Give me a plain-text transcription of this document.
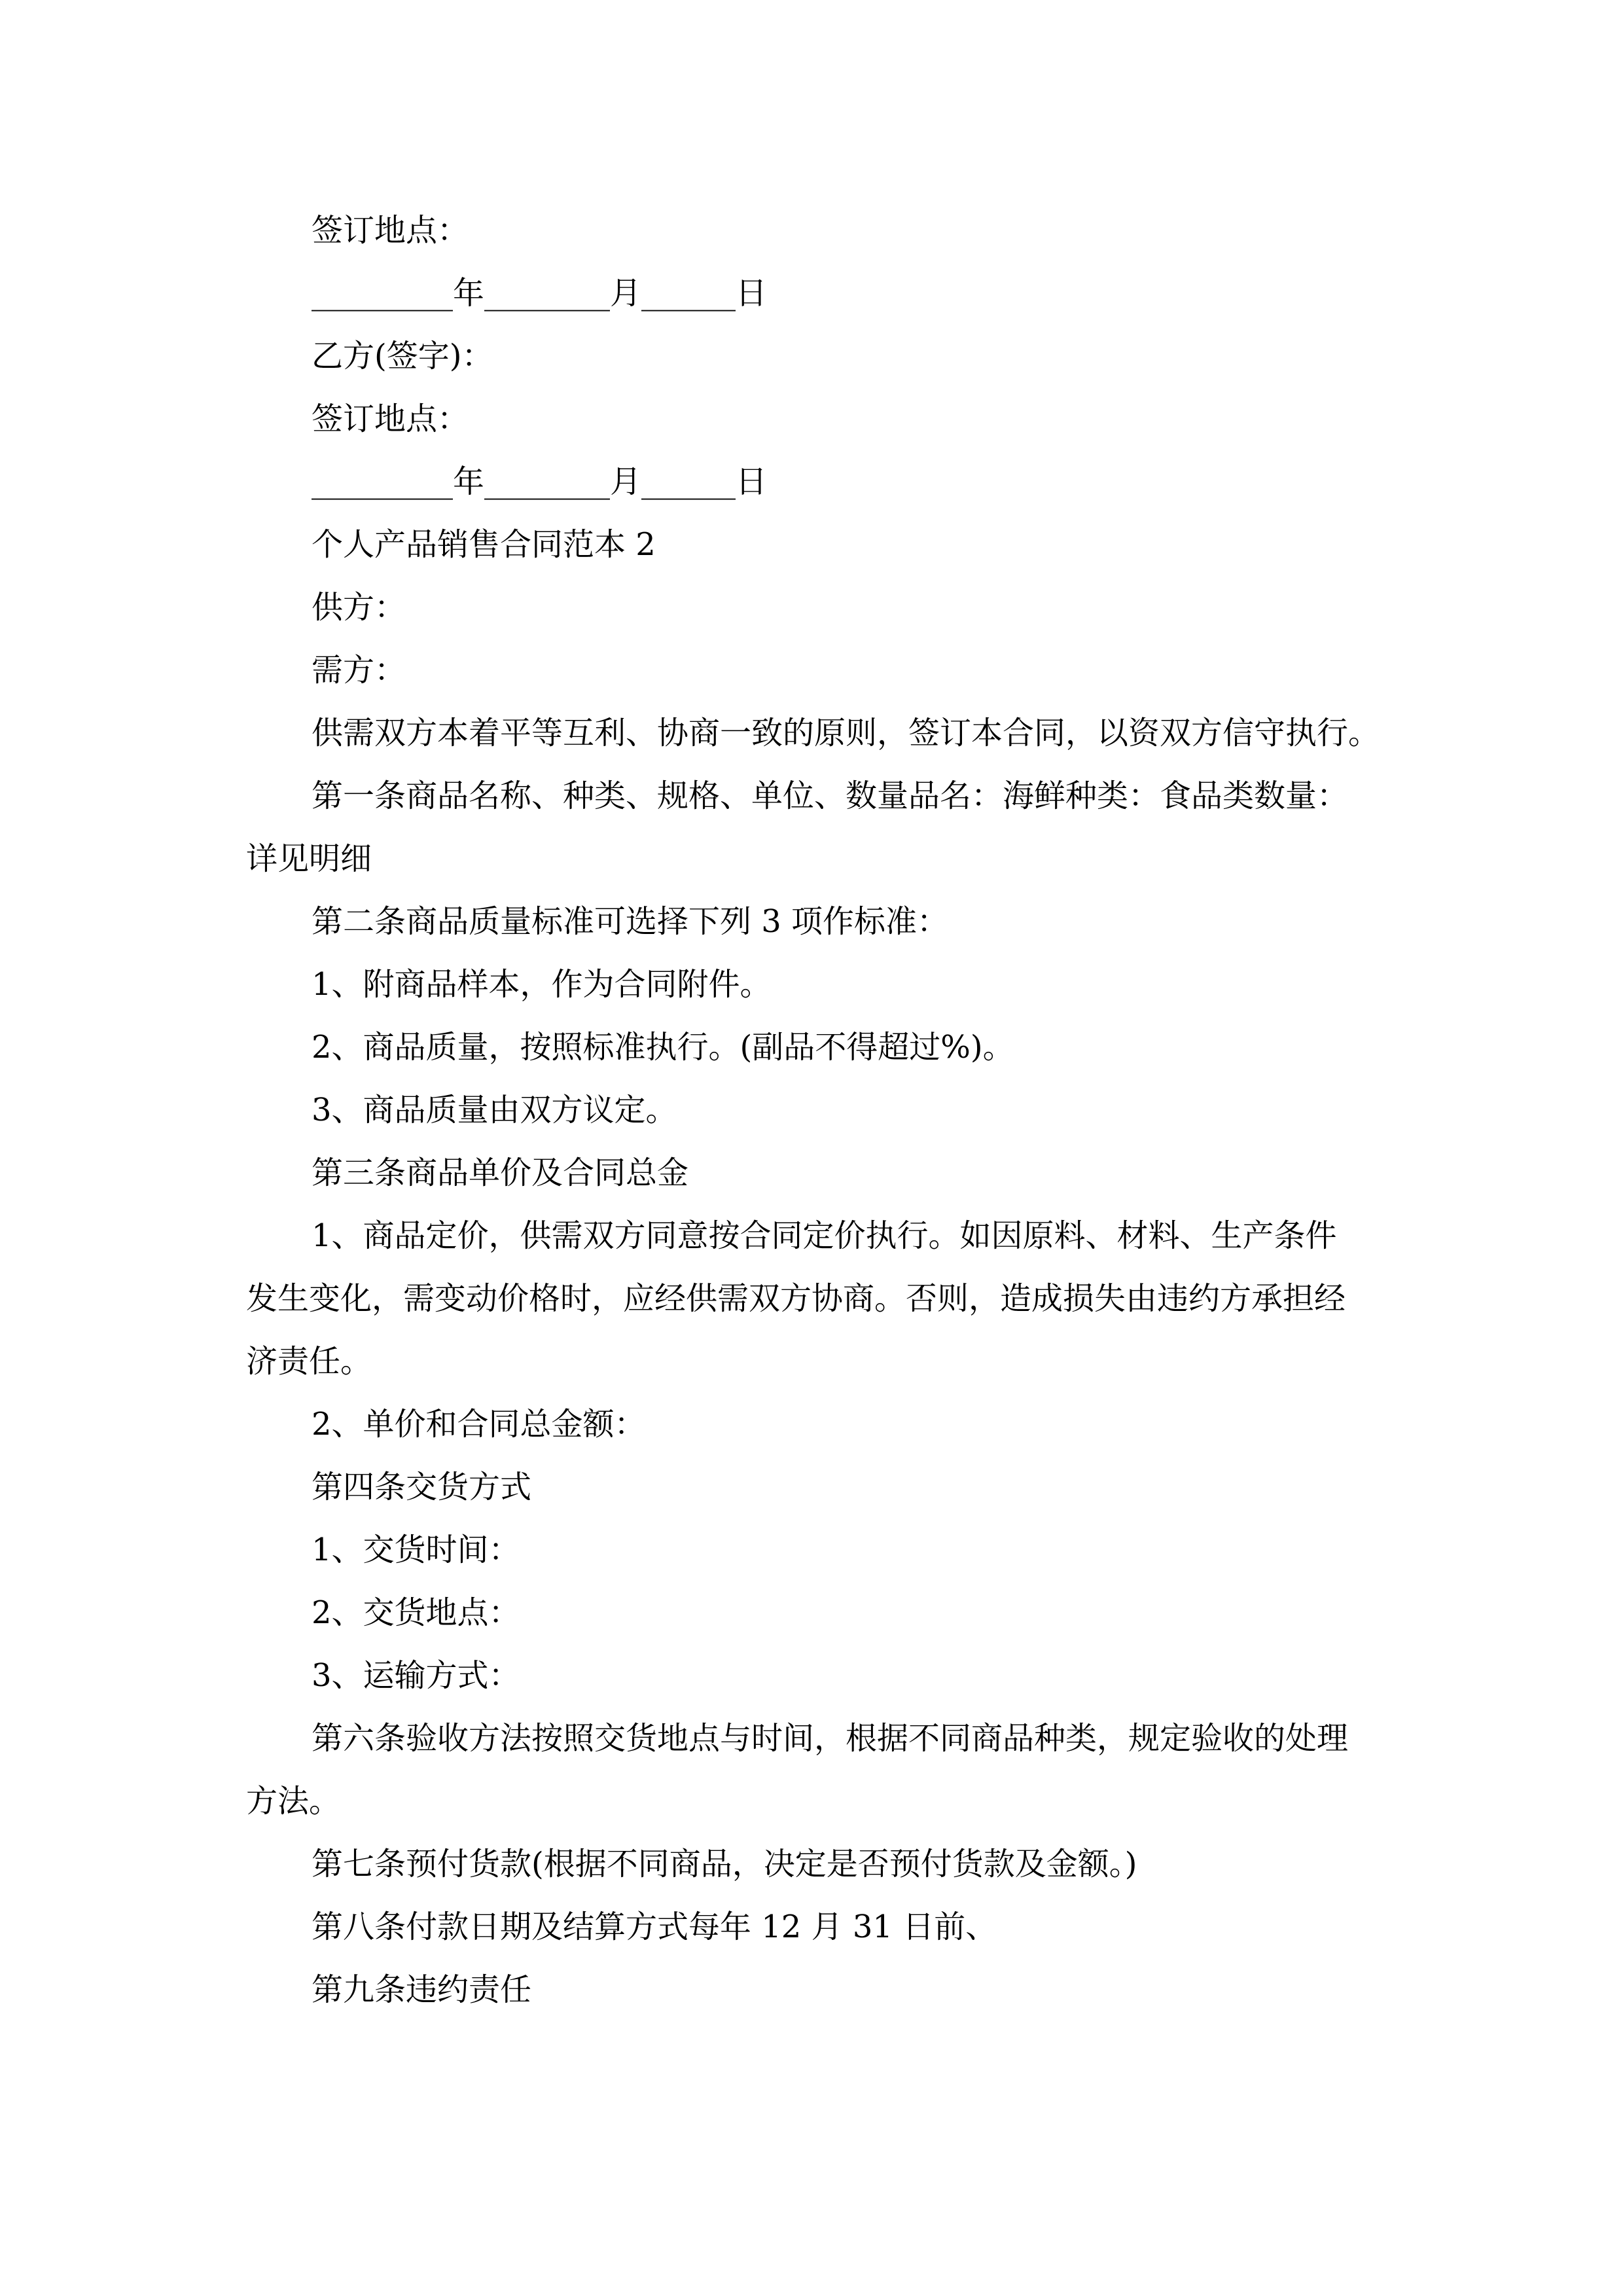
签订地点：
_________年________月______日
乙方(签字)：
签订地点：
_________年________月______日
个人产品销售合同范本 2
供方：
需方：
供需双方本着平等互利、协商一致的原则，签订本合同，以资双方信守执行。
第一条商品名称、种类、规格、单位、数量品名：海鲜种类：食品类数量：
详见明细
第二条商品质量标准可选择下列 3 项作标准：
1、附商品样本，作为合同附件。
2、商品质量，按照标准执行。(副品不得超过%)。
3、商品质量由双方议定。
第三条商品单价及合同总金
1、商品定价，供需双方同意按合同定价执行。如因原料、材料、生产条件
发生变化，需变动价格时，应经供需双方协商。否则，造成损失由违约方承担经
济责任。
2、单价和合同总金额：
第四条交货方式
1、交货时间：
2、交货地点：
3、运输方式：
第六条验收方法按照交货地点与时间，根据不同商品种类，规定验收的处理
方法。
第七条预付货款(根据不同商品，决定是否预付货款及金额。)
第八条付款日期及结算方式每年 12 月 31 日前、
第九条违约责任
